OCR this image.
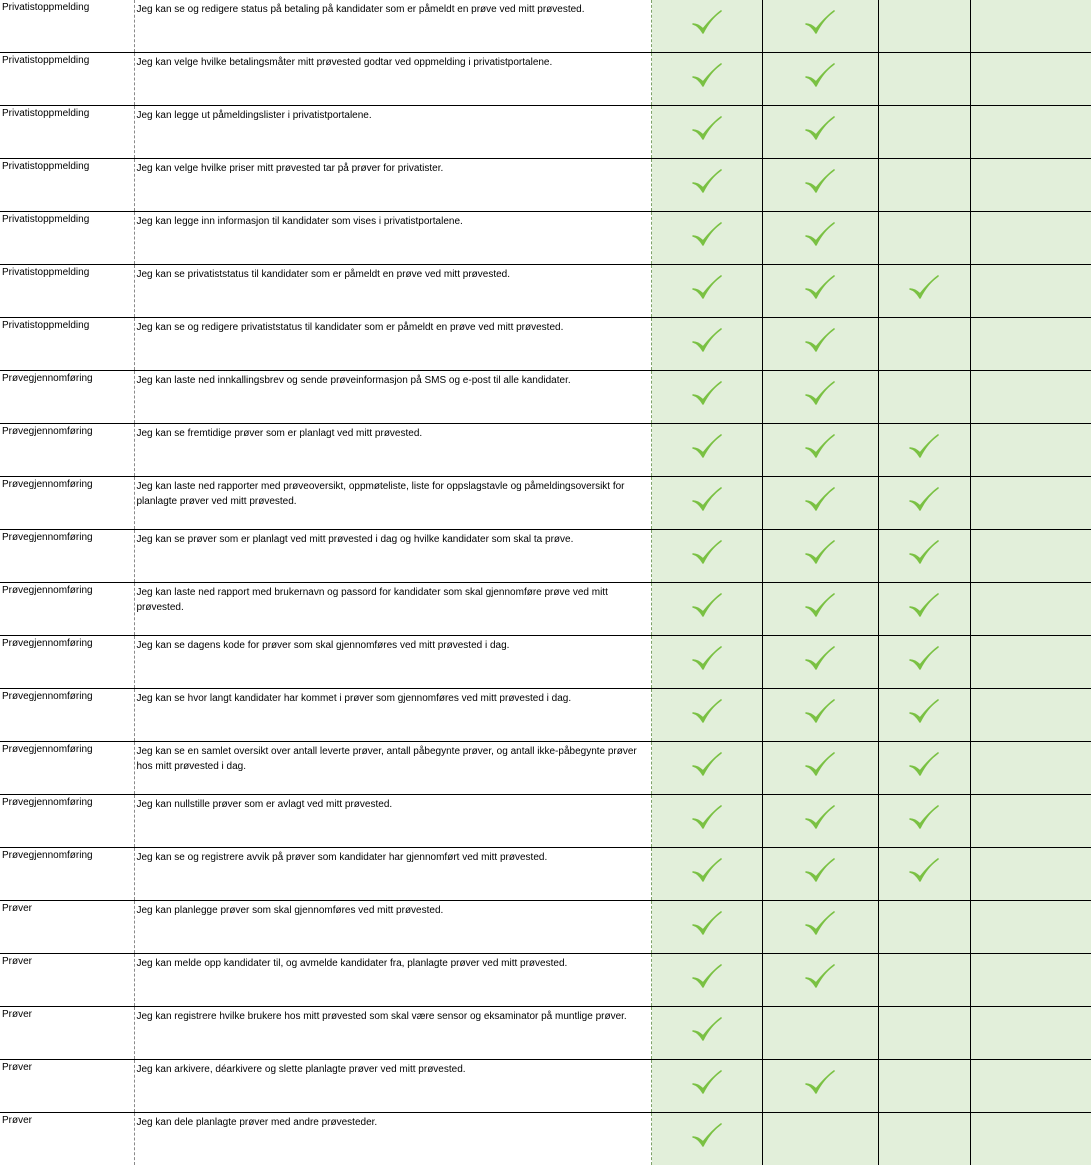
Privatistoppmelding	Jeg kan se og redigere status på betaling på kandidater som er påmeldt en prøve ved mitt prøvested.	

Privatistoppmelding	Jeg kan velge hvilke betalingsmåter mitt prøvested godtar ved oppmelding i privatistportalene.	

Privatistoppmelding	Jeg kan legge ut påmeldingslister i privatistportalene.	

Privatistoppmelding	Jeg kan velge hvilke priser mitt prøvested tar på prøver for privatister.	

Privatistoppmelding	Jeg kan legge inn informasjon til kandidater som vises i privatistportalene.	

Privatistoppmelding	Jeg kan se privatiststatus til kandidater som er påmeldt en prøve ved mitt prøvested.	

Privatistoppmelding	Jeg kan se og redigere privatiststatus til kandidater som er påmeldt en prøve ved mitt prøvested.	

Prøvegjennomføring	Jeg kan laste ned innkallingsbrev og sende prøveinformasjon på SMS og e-post til alle kandidater.	

Prøvegjennomføring	Jeg kan se fremtidige prøver som er planlagt ved mitt prøvested.	

Prøvegjennomføring	Jeg kan laste ned rapporter med prøveoversikt, oppmøteliste, liste for oppslagstavle og påmeldingsoversikt for planlagte prøver ved mitt prøvested.	

Prøvegjennomføring	Jeg kan se prøver som er planlagt ved mitt prøvested i dag og hvilke kandidater som skal ta prøve.	

Prøvegjennomføring	Jeg kan laste ned rapport med brukernavn og passord for kandidater som skal gjennomføre prøve ved mitt prøvested.	

Prøvegjennomføring	Jeg kan se dagens kode for prøver som skal gjennomføres ved mitt prøvested i dag.	

Prøvegjennomføring	Jeg kan se hvor langt kandidater har kommet i prøver som gjennomføres ved mitt prøvested i dag.	

Prøvegjennomføring	Jeg kan se en samlet oversikt over antall leverte prøver, antall påbegynte prøver, og antall ikke-påbegynte prøver hos mitt prøvested i dag.	

Prøvegjennomføring	Jeg kan nullstille prøver som er avlagt ved mitt prøvested.	

Prøvegjennomføring	Jeg kan se og registrere avvik på prøver som kandidater har gjennomført ved mitt prøvested.	

Prøver	Jeg kan planlegge prøver som skal gjennomføres ved mitt prøvested.	

Prøver	Jeg kan melde opp kandidater til, og avmelde kandidater fra, planlagte prøver ved mitt prøvested.	

Prøver	Jeg kan registrere hvilke brukere hos mitt prøvested som skal være sensor og eksaminator på muntlige prøver.	

Prøver	Jeg kan arkivere, déarkivere og slette planlagte prøver ved mitt prøvested.	

Prøver	Jeg kan dele planlagte prøver med andre prøvesteder.	
